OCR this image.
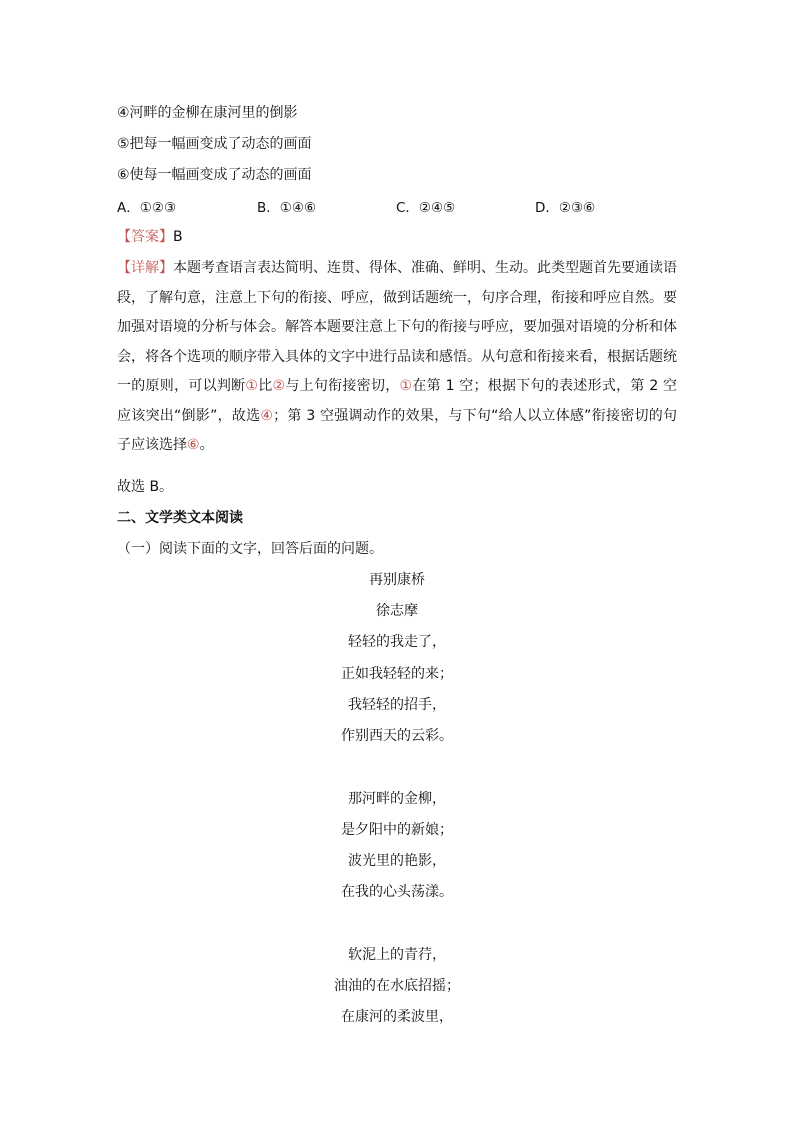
④河畔的金柳在康河里的倒影
⑤把每一幅画变成了动态的画面
⑥使每一幅画变成了动态的画面
A．①②③	B．①④⑥	C．②④⑤	D．②③⑥
【答案】B
【详解】本题考查语言表达简明、连贯、得体、准确、鲜明、生动。此类型题首先要通读语段，了解句意，注意上下句的衔接、呼应，做到话题统一，句序合理，衔接和呼应自然。要加强对语境的分析与体会。解答本题要注意上下句的衔接与呼应，要加强对语境的分析和体会，将各个选项的顺序带入具体的文字中进行品读和感悟。从句意和衔接来看，根据话题统一的原则，可以判断①比②与上句衔接密切，①在第 1 空；根据下句的表述形式，第 2 空应该突出“倒影”，故选④；第 3 空强调动作的效果，与下句“给人以立体感”衔接密切的句子应该选择⑥。
故选 B。
二、文学类文本阅读
（一）阅读下面的文字，回答后面的问题。
再别康桥
徐志摩
轻轻的我走了，
正如我轻轻的来；
我轻轻的招手，
作别西天的云彩。
那河畔的金柳，
是夕阳中的新娘；
波光里的艳影，
在我的心头荡漾。
软泥上的青荇，
油油的在水底招摇；
在康河的柔波里，
